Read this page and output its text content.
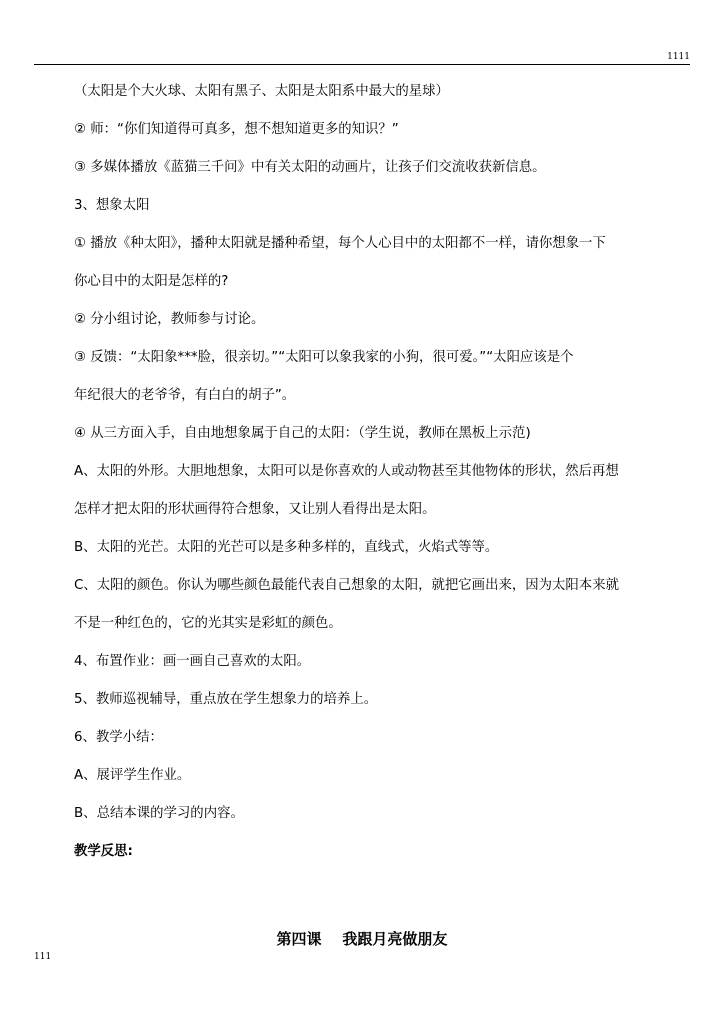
1111
（太阳是个大火球、太阳有黑子、太阳是太阳系中最大的星球）
② 师：“你们知道得可真多，想不想知道更多的知识？”
③ 多媒体播放《蓝猫三千问》中有关太阳的动画片，让孩子们交流收获新信息。
3、想象太阳
① 播放《种太阳》，播种太阳就是播种希望，每个人心目中的太阳都不一样，请你想象一下
你心目中的太阳是怎样的?
② 分小组讨论，教师参与讨论。
③ 反馈：“太阳象***脸，很亲切。”“太阳可以象我家的小狗，很可爱。”“太阳应该是个
年纪很大的老爷爷，有白白的胡子”。
④ 从三方面入手，自由地想象属于自己的太阳：（学生说，教师在黑板上示范)
A、太阳的外形。大胆地想象，太阳可以是你喜欢的人或动物甚至其他物体的形状，然后再想
怎样才把太阳的形状画得符合想象，又让别人看得出是太阳。
B、太阳的光芒。太阳的光芒可以是多种多样的，直线式，火焰式等等。
C、太阳的颜色。你认为哪些颜色最能代表自己想象的太阳，就把它画出来，因为太阳本来就
不是一种红色的，它的光其实是彩虹的颜色。
4、布置作业：画一画自己喜欢的太阳。
5、教师巡视辅导，重点放在学生想象力的培养上。
6、教学小结：
A、展评学生作业。
B、总结本课的学习的内容。
教学反思:
第四课    我跟月亮做朋友
111
